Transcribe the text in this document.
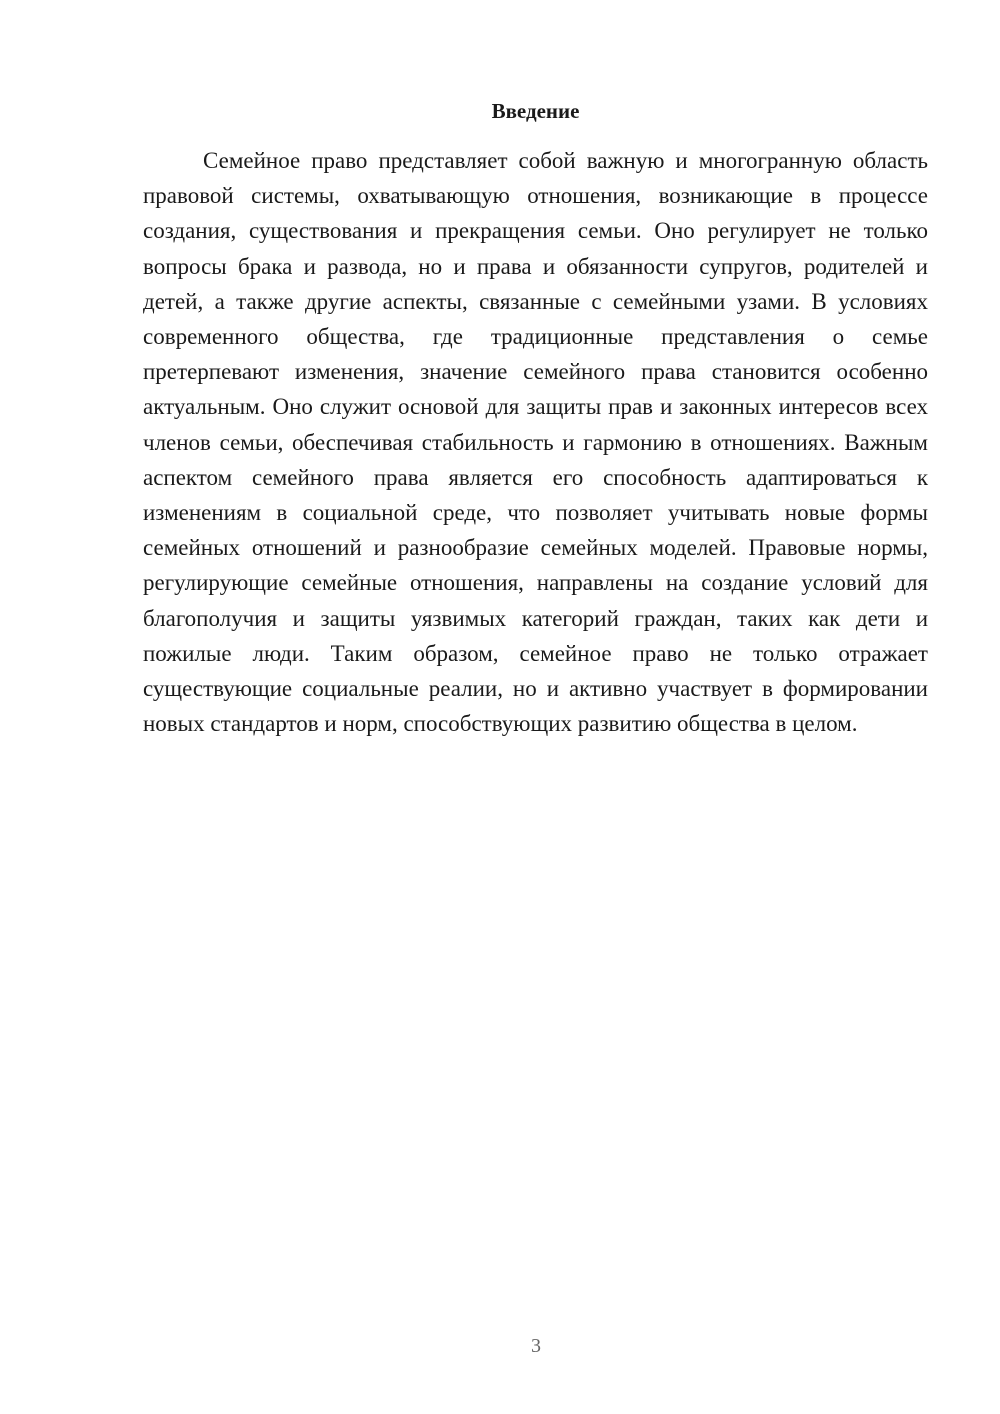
Введение

Семейное право представляет собой важную и многогранную область правовой системы, охватывающую отношения, возникающие в процессе создания, существования и прекращения семьи. Оно регулирует не только вопросы брака и развода, но и права и обязанности супругов, родителей и детей, а также другие аспекты, связанные с семейными узами. В условиях современного общества, где традиционные представления о семье претерпевают изменения, значение семейного права становится особенно актуальным. Оно служит основой для защиты прав и законных интересов всех членов семьи, обеспечивая стабильность и гармонию в отношениях. Важным аспектом семейного права является его способность адаптироваться к изменениям в социальной среде, что позволяет учитывать новые формы семейных отношений и разнообразие семейных моделей. Правовые нормы, регулирующие семейные отношения, направлены на создание условий для благополучия и защиты уязвимых категорий граждан, таких как дети и пожилые люди. Таким образом, семейное право не только отражает существующие социальные реалии, но и активно участвует в формировании новых стандартов и норм, способствующих развитию общества в целом.

3
